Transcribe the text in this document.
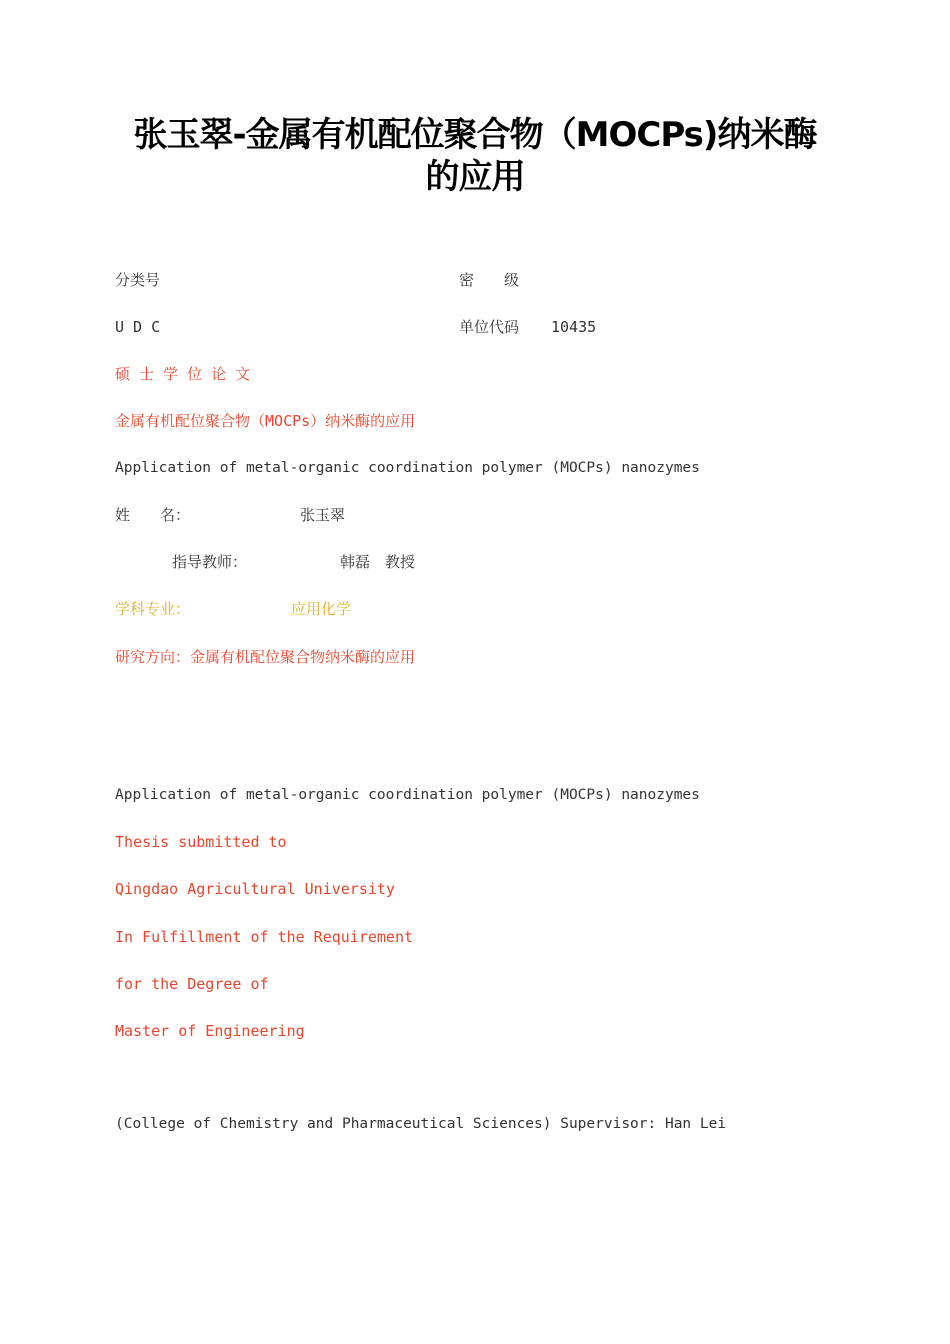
张玉翠-金属有机配位聚合物（MOCPs)纳米酶
的应用
分类号	密　　级
U D C	单位代码 10435
硕 士 学 位 论 文
金属有机配位聚合物（MOCPs）纳米酶的应用
Application of metal-organic coordination polymer (MOCPs) nanozymes
姓　　名：	张玉翠
指导教师：	韩磊　教授
学科专业：	应用化学
研究方向：金属有机配位聚合物纳米酶的应用
Application of metal-organic coordination polymer (MOCPs) nanozymes
Thesis submitted to
Qingdao Agricultural University
In Fulfillment of the Requirement
for the Degree of
Master of Engineering
(College of Chemistry and Pharmaceutical Sciences) Supervisor: Han Lei
